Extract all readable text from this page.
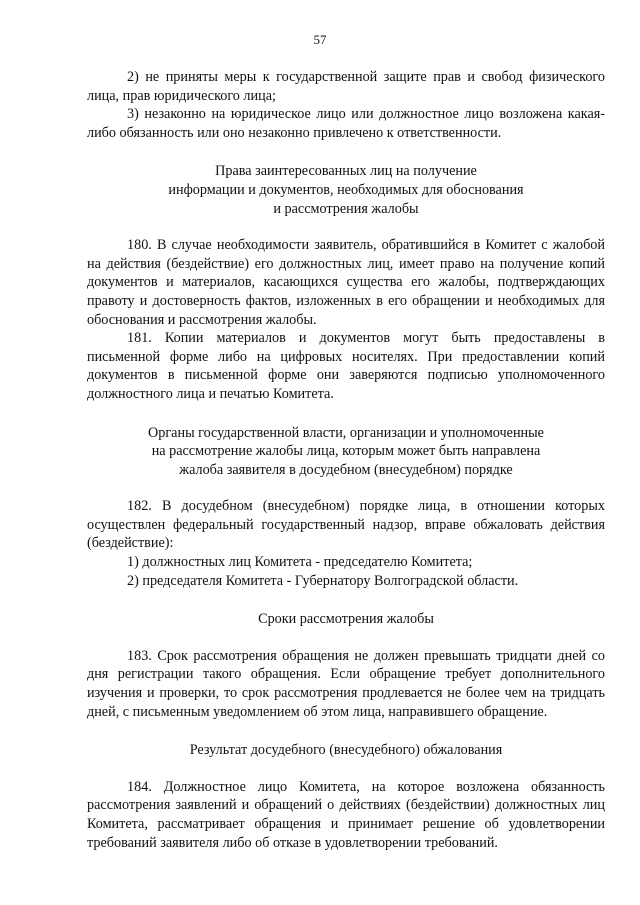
57

2) не приняты меры к государственной защите прав и свобод физического лица, прав юридического лица;

3) незаконно на юридическое лицо или должностное лицо возложена какая-либо обязанность или оно незаконно привлечено к ответственности.

Права заинтересованных лиц на получение
информации и документов, необходимых для обоснования
и рассмотрения жалобы

180. В случае необходимости заявитель, обратившийся в Комитет с жалобой на действия (бездействие) его должностных лиц, имеет право на получение копий документов и материалов, касающихся существа его жалобы, подтверждающих правоту и достоверность фактов, изложенных в его обращении и необходимых для обоснования и рассмотрения жалобы.

181. Копии материалов и документов могут быть предоставлены в письменной форме либо на цифровых носителях. При предоставлении копий документов в письменной форме они заверяются подписью уполномоченного должностного лица и печатью Комитета.

Органы государственной власти, организации и уполномоченные
на рассмотрение жалобы лица, которым может быть направлена
жалоба заявителя в досудебном (внесудебном) порядке

182. В досудебном (внесудебном) порядке лица, в отношении которых осуществлен федеральный государственный надзор, вправе обжаловать действия (бездействие):

1) должностных лиц Комитета - председателю Комитета;

2) председателя Комитета - Губернатору Волгоградской области.

Сроки рассмотрения жалобы

183. Срок рассмотрения обращения не должен превышать тридцати дней со дня регистрации такого обращения. Если обращение требует дополнительного изучения и проверки, то срок рассмотрения продлевается не более чем на тридцать дней, с письменным уведомлением об этом лица, направившего обращение.

Результат досудебного (внесудебного) обжалования

184. Должностное лицо Комитета, на которое возложена обязанность рассмотрения заявлений и обращений о действиях (бездействии) должностных лиц Комитета, рассматривает обращения и принимает решение об удовлетворении требований заявителя либо об отказе в удовлетворении требований.
